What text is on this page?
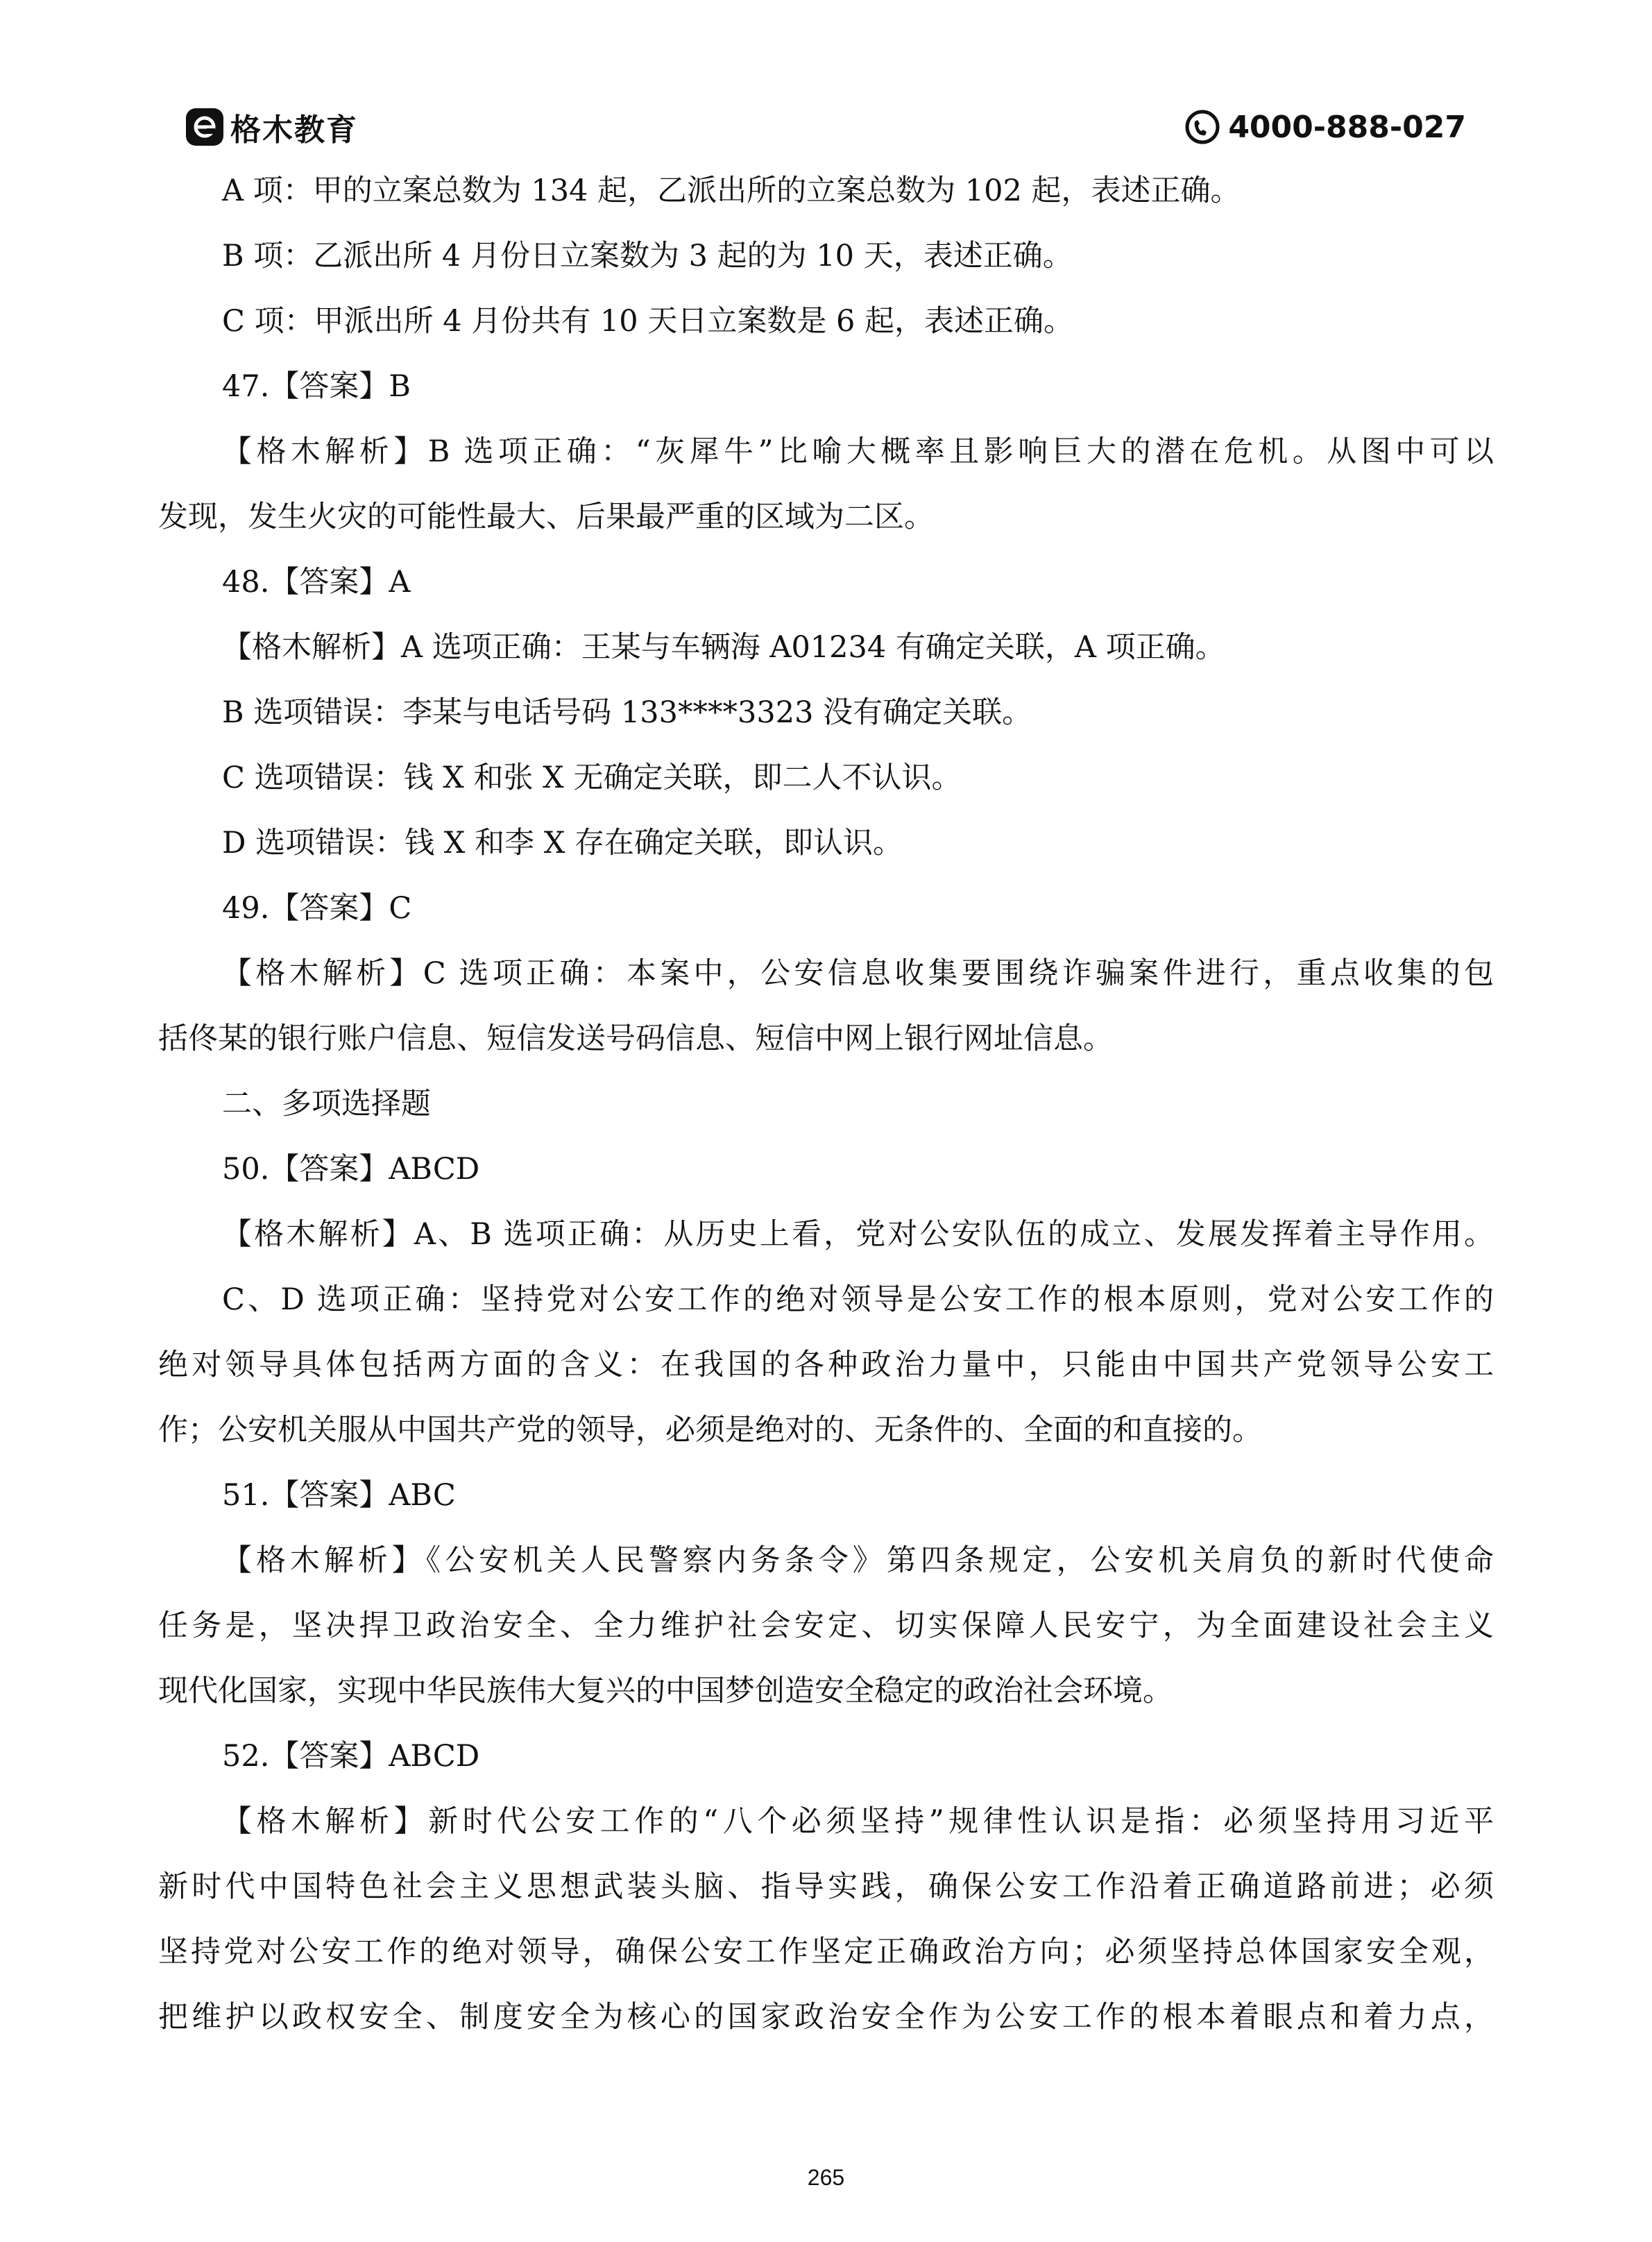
格木教育	4000-888-027
A 项：甲的立案总数为 134 起，乙派出所的立案总数为 102 起，表述正确。
B 项：乙派出所 4 月份日立案数为 3 起的为 10 天，表述正确。
C 项：甲派出所 4 月份共有 10 天日立案数是 6 起，表述正确。
47.【答案】B
【格木解析】B 选项正确：“灰犀牛”比喻大概率且影响巨大的潜在危机。从图中可以
发现，发生火灾的可能性最大、后果最严重的区域为二区。
48.【答案】A
【格木解析】A 选项正确：王某与车辆海 A01234 有确定关联，A 项正确。
B 选项错误：李某与电话号码 133****3323 没有确定关联。
C 选项错误：钱 X 和张 X 无确定关联，即二人不认识。
D 选项错误：钱 X 和李 X 存在确定关联，即认识。
49.【答案】C
【格木解析】C 选项正确：本案中，公安信息收集要围绕诈骗案件进行，重点收集的包
括佟某的银行账户信息、短信发送号码信息、短信中网上银行网址信息。
二、多项选择题
50.【答案】ABCD
【格木解析】A、B 选项正确：从历史上看，党对公安队伍的成立、发展发挥着主导作用。
C、D 选项正确：坚持党对公安工作的绝对领导是公安工作的根本原则，党对公安工作的
绝对领导具体包括两方面的含义：在我国的各种政治力量中，只能由中国共产党领导公安工
作；公安机关服从中国共产党的领导，必须是绝对的、无条件的、全面的和直接的。
51.【答案】ABC
【格木解析】《公安机关人民警察内务条令》第四条规定，公安机关肩负的新时代使命
任务是，坚决捍卫政治安全、全力维护社会安定、切实保障人民安宁，为全面建设社会主义
现代化国家，实现中华民族伟大复兴的中国梦创造安全稳定的政治社会环境。
52.【答案】ABCD
【格木解析】新时代公安工作的“八个必须坚持”规律性认识是指：必须坚持用习近平
新时代中国特色社会主义思想武装头脑、指导实践，确保公安工作沿着正确道路前进；必须
坚持党对公安工作的绝对领导，确保公安工作坚定正确政治方向；必须坚持总体国家安全观，
把维护以政权安全、制度安全为核心的国家政治安全作为公安工作的根本着眼点和着力点，
265
